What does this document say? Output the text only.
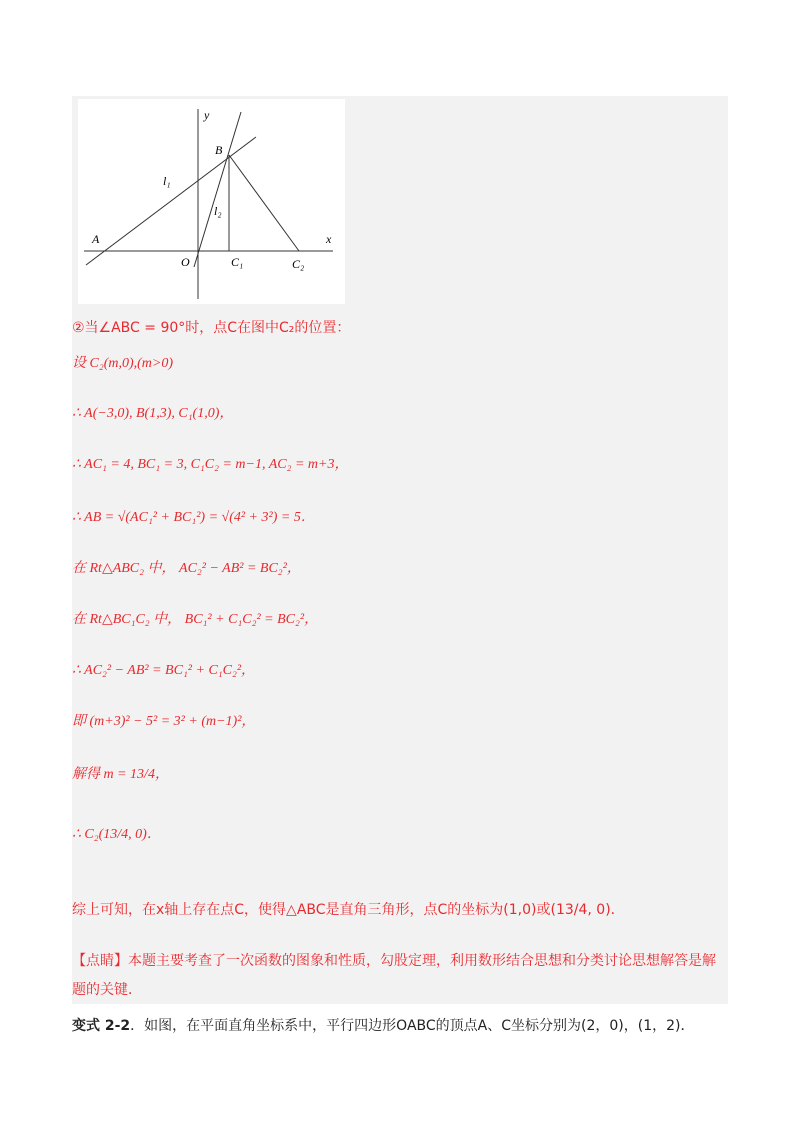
y
x
B
A
O	C₁	C₂
l₁
l₂
②当∠ABC = 90°时，点C在图中C₂的位置：
设 C₂(m,0),(m>0)
∴ A(−3,0), B(1,3), C₁(1,0)，
∴ AC₁ = 4, BC₁ = 3, C₁C₂ = m−1, AC₂ = m+3，
∴ AB = √(AC₁² + BC₁²) = √(4² + 3²) = 5．
在 Rt△ABC₂ 中， AC₂² − AB² = BC₂²，
在 Rt△BC₁C₂ 中， BC₁² + C₁C₂² = BC₂²，
∴ AC₂² − AB² = BC₁² + C₁C₂²，
即 (m+3)² − 5² = 3² + (m−1)²，
解得 m = 13/4，
∴ C₂(13/4, 0)．
综上可知，在x轴上存在点C，使得△ABC是直角三角形，点C的坐标为(1,0)或(13/4, 0)．
【点睛】本题主要考查了一次函数的图象和性质，勾股定理，利用数形结合思想和分类讨论思想解答是解
题的关键．
变式 2-2．如图，在平面直角坐标系中，平行四边形OABC的顶点A、C坐标分别为(2，0)，(1，2)．
